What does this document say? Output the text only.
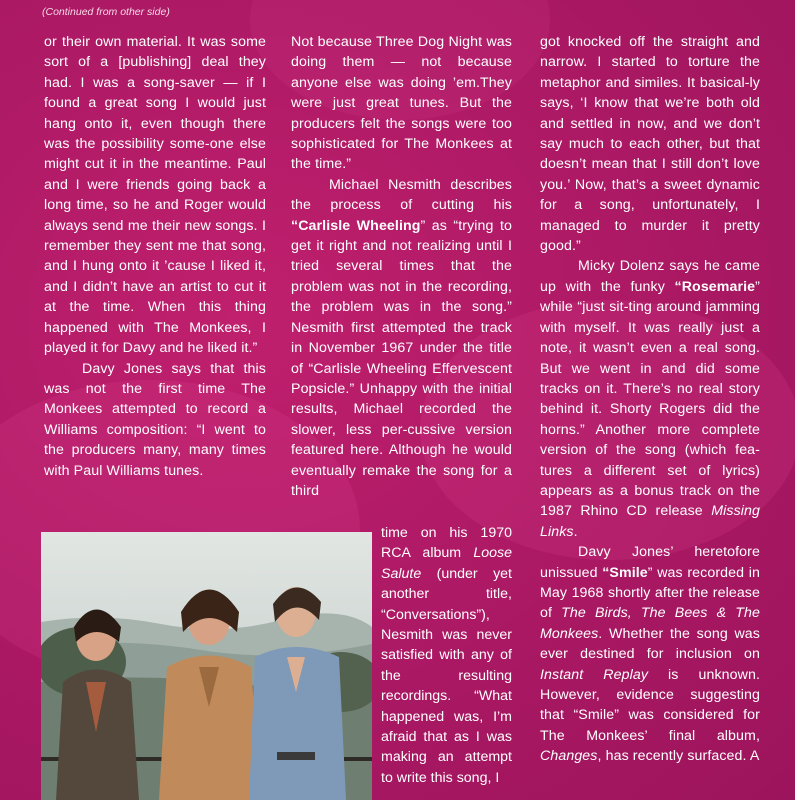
(Continued from other side)

or their own material. It was some sort of a [publishing] deal they had. I was a song-saver — if I found a great song I would just hang onto it, even though there was the possibility some-one else might cut it in the meantime. Paul and I were friends going back a long time, so he and Roger would always send me their new songs. I remember they sent me that song, and I hung onto it ’cause I liked it, and I didn’t have an artist to cut it at the time. When this thing happened with The Monkees, I played it for Davy and he liked it.”

Davy Jones says that this was not the first time The Monkees attempted to record a Williams composition: “I went to the producers many, many times with Paul Williams tunes.

Not because Three Dog Night was doing them — not because anyone else was doing ’em.They were just great tunes. But the producers felt the songs were too sophisticated for The Monkees at the time.”

Michael Nesmith describes the process of cutting his “Carlisle Wheeling” as “trying to get it right and not realizing until I tried several times that the problem was not in the recording, the problem was in the song.” Nesmith first attempted the track in November 1967 under the title of “Carlisle Wheeling Effervescent Popsicle.” Unhappy with the initial results, Michael recorded the slower, less per-cussive version featured here. Although he would eventually remake the song for a third

time on his 1970 RCA album Loose Salute (under yet another title, “Conversations”), Nesmith was never satisfied with any of the resulting recordings. “What happened was, I’m afraid that as I was making an attempt to write this song, I

got knocked off the straight and narrow. I started to torture the metaphor and similes. It basical-ly says, ‘I know that we’re both old and settled in now, and we don’t say much to each other, but that doesn’t mean that I still don’t love you.’ Now, that’s a sweet dynamic for a song, unfortunately, I managed to murder it pretty good.”

Micky Dolenz says he came up with the funky “Rosemarie” while “just sit-ting around jamming with myself. It was really just a note, it wasn’t even a real song. But we went in and did some tracks on it. There’s no real story behind it. Shorty Rogers did the horns.” Another more complete version of the song (which fea-tures a different set of lyrics) appears as a bonus track on the 1987 Rhino CD release Missing Links.

Davy Jones’ heretofore unissued “Smile” was recorded in May 1968 shortly after the release of The Birds, The Bees & The Monkees. Whether the song was ever destined for inclusion on Instant Replay is unknown. However, evidence suggesting that “Smile” was considered for The Monkees’ final album, Changes, has recently surfaced. A
